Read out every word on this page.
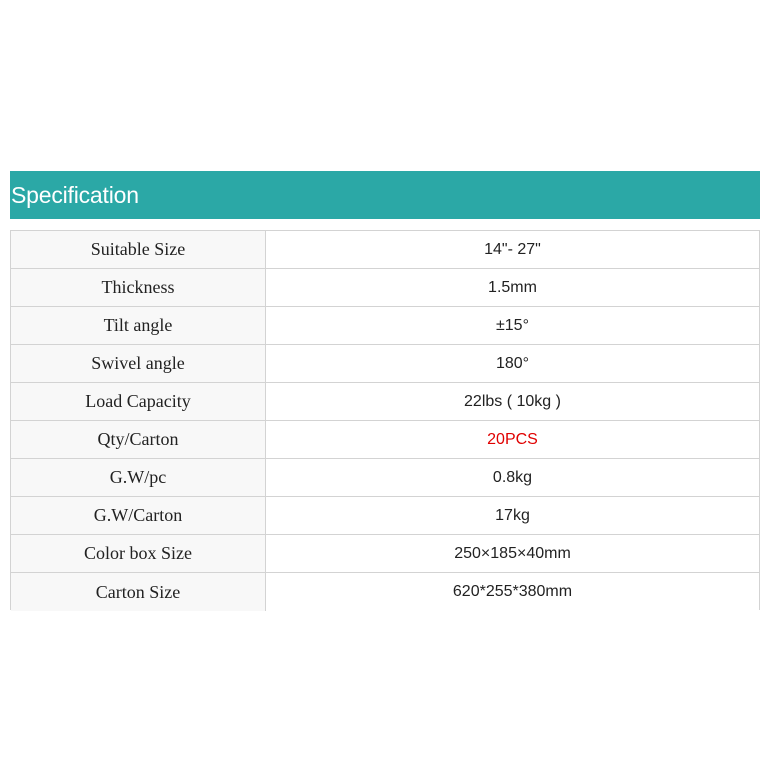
Specification
Suitable Size	14"- 27"
Thickness	1.5mm
Tilt angle	±15°
Swivel angle	180°
Load Capacity	22lbs ( 10kg )
Qty/Carton	20PCS
G.W/pc	0.8kg
G.W/Carton	17kg
Color box Size	250×185×40mm
Carton Size	620*255*380mm
